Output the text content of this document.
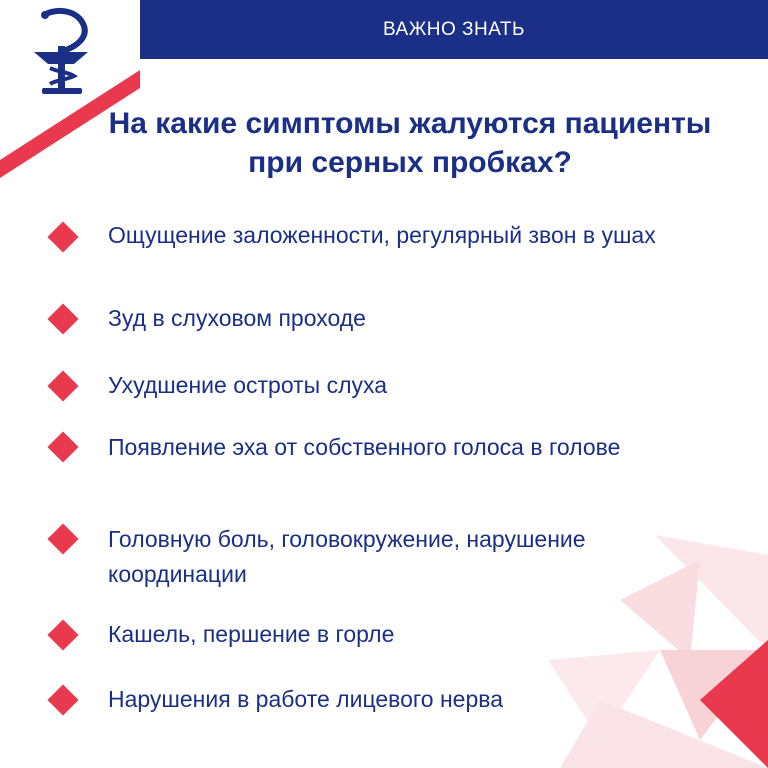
ВАЖНО ЗНАТЬ
На какие симптомы жалуются пациенты при серных пробках?
Ощущение заложенности, регулярный звон в ушах
Зуд в слуховом проходе
Ухудшение остроты слуха
Появление эха от собственного голоса в голове
Головную боль, головокружение, нарушение координации
Кашель, першение в горле
Нарушения в работе лицевого нерва
